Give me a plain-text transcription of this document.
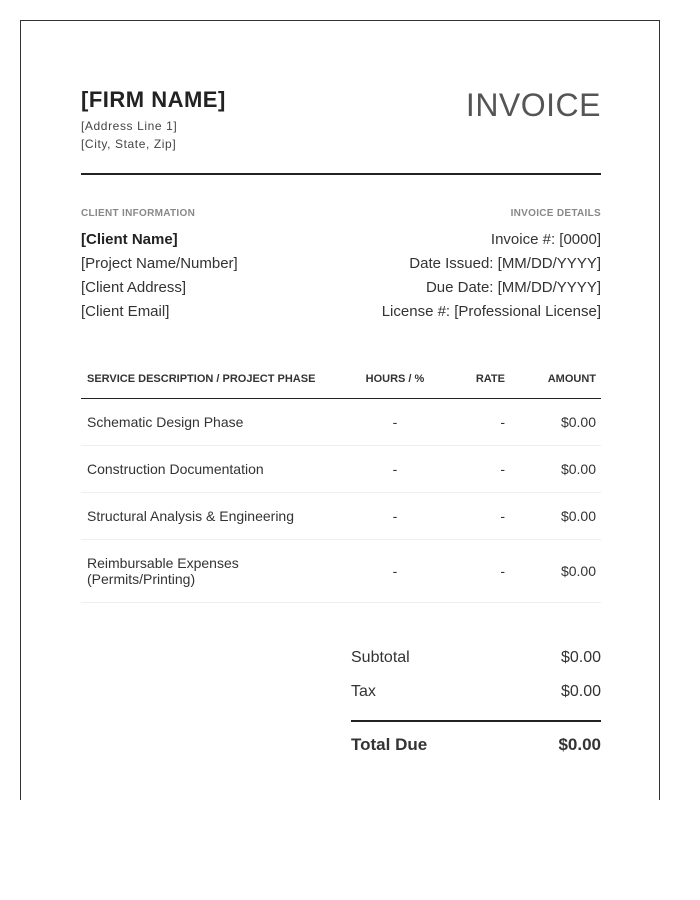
[FIRM NAME]
[Address Line 1]
[City, State, Zip]
INVOICE
CLIENT INFORMATION	INVOICE DETAILS
[Client Name]
[Project Name/Number]
[Client Address]
[Client Email]
Invoice #: [0000]
Date Issued: [MM/DD/YYYY]
Due Date: [MM/DD/YYYY]
License #: [Professional License]
SERVICE DESCRIPTION / PROJECT PHASE	HOURS / %	RATE	AMOUNT
Schematic Design Phase	-	-	$0.00
Construction Documentation	-	-	$0.00
Structural Analysis & Engineering	-	-	$0.00
Reimbursable Expenses (Permits/Printing)	-	-	$0.00
Subtotal	$0.00
Tax	$0.00
Total Due	$0.00
